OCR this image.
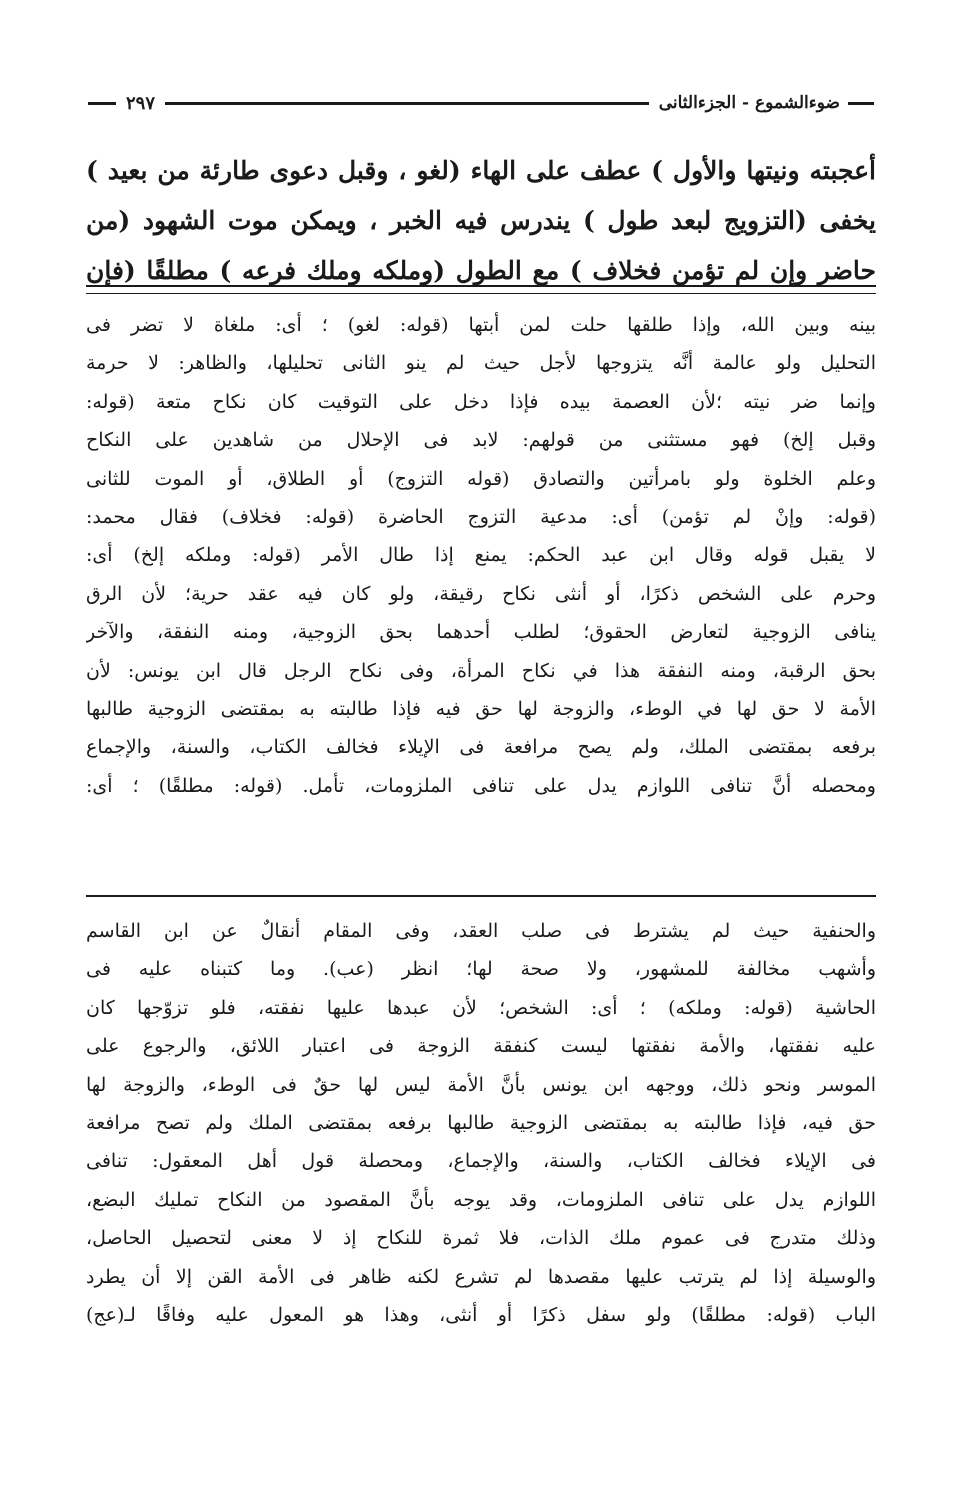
ضوءالشموع - الجزءالثانى
٢٩٧
أعجبته ونيتها والأول ) عطف على الهاء (لغو ، وقبل دعوى طارئة من بعيد )
يخفى (التزويج لبعد طول ) يندرس فيه الخبر ، ويمكن موت الشهود (من
حاضر وإن لم تؤمن فخلاف ) مع الطول (وملكه وملك فرعه ) مطلقًا (فإن
بينه وبين الله، وإذا طلقها حلت لمن أبتها (قوله: لغو) ؛ أى: ملغاة لا تضر فى
التحليل ولو عالمة أنَّه يتزوجها لأجل حيث لم ينو الثانى تحليلها، والظاهر: لا حرمة
وإنما ضر نيته ؛لأن العصمة بيده فإذا دخل على التوقيت كان نكاح متعة (قوله:
وقبل إلخ) فهو مستثنى من قولهم: لابد فى الإحلال من شاهدين على النكاح
وعلم الخلوة ولو بامرأتين والتصادق (قوله التزوج) أو الطلاق، أو الموت للثانى
(قوله: وإنْ لم تؤمن) أى: مدعية التزوج الحاضرة (قوله: فخلاف) فقال محمد:
لا يقبل قوله وقال ابن عبد الحكم: يمنع إذا طال الأمر (قوله: وملكه إلخ) أى:
وحرم على الشخص ذكرًا، أو أنثى نكاح رقيقة، ولو كان فيه عقد حرية؛ لأن الرق
ينافى الزوجية لتعارض الحقوق؛ لطلب أحدهما بحق الزوجية، ومنه النفقة، والآخر
بحق الرقبة، ومنه النفقة هذا في نكاح المرأة، وفى نكاح الرجل قال ابن يونس: لأن
الأمة لا حق لها في الوطء، والزوجة لها حق فيه فإذا طالبته به بمقتضى الزوجية طالبها
برفعه بمقتضى الملك، ولم يصح مرافعة فى الإيلاء فخالف الكتاب، والسنة، والإجماع
ومحصله أنَّ تنافى اللوازم يدل على تنافى الملزومات، تأمل. (قوله: مطلقًا) ؛ أى:
والحنفية حيث لم يشترط فى صلب العقد، وفى المقام أنقالٌ عن ابن القاسم
وأشهب مخالفة للمشهور، ولا صحة لها؛ انظر (عب). وما كتبناه عليه فى
الحاشية (قوله: وملكه) ؛ أى: الشخص؛ لأن عبدها عليها نفقته، فلو تزوّجها كان
عليه نفقتها، والأمة نفقتها ليست كنفقة الزوجة فى اعتبار اللائق، والرجوع على
الموسر ونحو ذلك، ووجهه ابن يونس بأنَّ الأمة ليس لها حقٌ فى الوطء، والزوجة لها
حق فيه، فإذا طالبته به بمقتضى الزوجية طالبها برفعه بمقتضى الملك ولم تصح مرافعة
فى الإيلاء فخالف الكتاب، والسنة، والإجماع، ومحصلة قول أهل المعقول: تنافى
اللوازم يدل على تنافى الملزومات، وقد يوجه بأنَّ المقصود من النكاح تمليك البضع،
وذلك متدرج فى عموم ملك الذات، فلا ثمرة للنكاح إذ لا معنى لتحصيل الحاصل،
والوسيلة إذا لم يترتب عليها مقصدها لم تشرع لكنه ظاهر فى الأمة القن إلا أن يطرد
الباب (قوله: مطلقًا) ولو سفل ذكرًا أو أنثى، وهذا هو المعول عليه وفاقًا لـ(عج)
